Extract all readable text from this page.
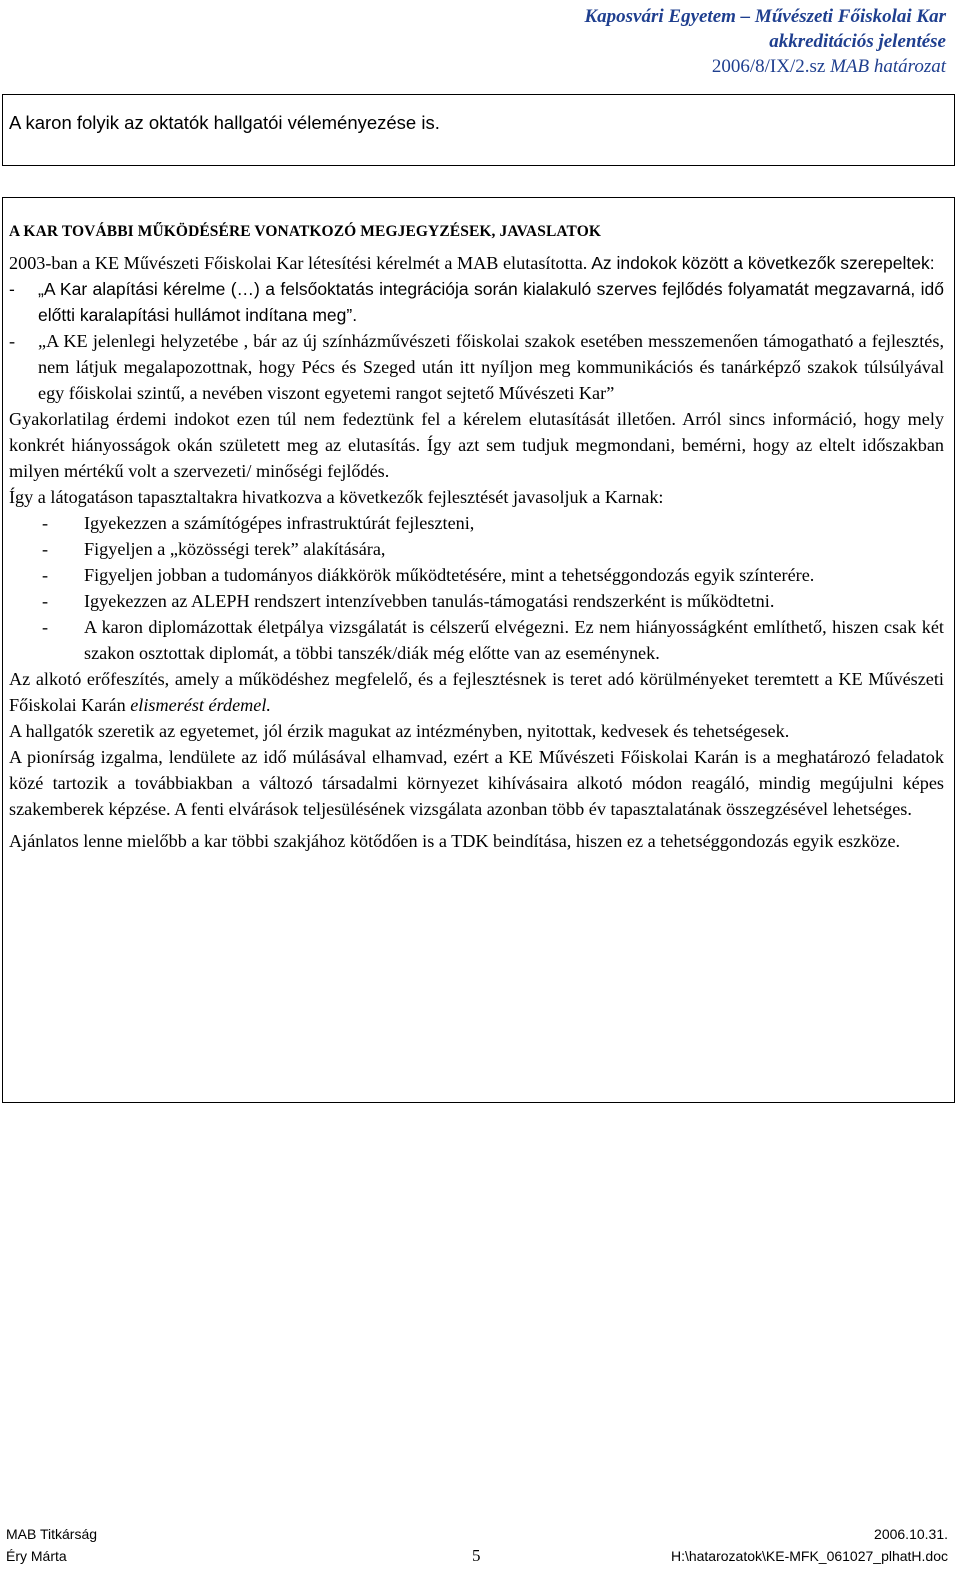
Kaposvári Egyetem – Művészeti Főiskolai Kar
akkreditációs jelentése
2006/8/IX/2.sz MAB határozat

A karon folyik az oktatók hallgatói véleményezése is.

A KAR TOVÁBBI MŰKÖDÉSÉRE VONATKOZÓ MEGJEGYZÉSEK, JAVASLATOK

2003-ban a KE Művészeti Főiskolai Kar létesítési kérelmét a MAB elutasította. Az indokok között a következők szerepeltek:

- „A Kar alapítási kérelme (…) a felsőoktatás integrációja során kialakuló szerves fejlődés folyamatát megzavarná, idő előtti karalapítási hullámot indítana meg”.
- „A KE jelenlegi helyzetébe , bár az új színházművészeti főiskolai szakok esetében messzemenően támogatható a fejlesztés, nem látjuk megalapozottnak, hogy Pécs és Szeged után itt nyíljon meg kommunikációs és tanárképző szakok túlsúlyával egy főiskolai szintű, a nevében viszont egyetemi rangot sejtető Művészeti Kar”

Gyakorlatilag érdemi indokot ezen túl nem fedeztünk fel a kérelem elutasítását illetően. Arról sincs információ, hogy mely konkrét hiányosságok okán született meg az elutasítás. Így azt sem tudjuk megmondani, bemérni, hogy az eltelt időszakban milyen mértékű volt a szervezeti/ minőségi fejlődés.

Így a látogatáson tapasztaltakra hivatkozva a következők fejlesztését javasoljuk a Karnak:

- Igyekezzen a számítógépes infrastruktúrát fejleszteni,
- Figyeljen a „közösségi terek” alakítására,
- Figyeljen jobban a tudományos diákkörök működtetésére, mint a tehetséggondozás egyik színterére.
- Igyekezzen az ALEPH rendszert intenzívebben tanulás-támogatási rendszerként is működtetni.
- A karon diplomázottak életpálya vizsgálatát is célszerű elvégezni. Ez nem hiányosságként említhető, hiszen csak két szakon osztottak diplomát, a többi tanszék/diák még előtte van az eseménynek.

Az alkotó erőfeszítés, amely a működéshez megfelelő, és a fejlesztésnek is teret adó körülményeket teremtett a KE Művészeti Főiskolai Karán elismerést érdemel.

A hallgatók szeretik az egyetemet, jól érzik magukat az intézményben, nyitottak, kedvesek és tehetségesek.

A pionírság izgalma, lendülete az idő múlásával elhamvad, ezért a KE Művészeti Főiskolai Karán is a meghatározó feladatok közé tartozik a továbbiakban a változó társadalmi környezet kihívásaira alkotó módon reagáló, mindig megújulni képes szakemberek képzése. A fenti elvárások teljesülésének vizsgálata azonban több év tapasztalatának összegzésével lehetséges.

Ajánlatos lenne mielőbb a kar többi szakjához kötődően is a TDK beindítása, hiszen ez a tehetséggondozás egyik eszköze.

MAB Titkárság	2006.10.31.
Éry Márta	5	H:\hatarozatok\KE-MFK_061027_plhatH.doc
